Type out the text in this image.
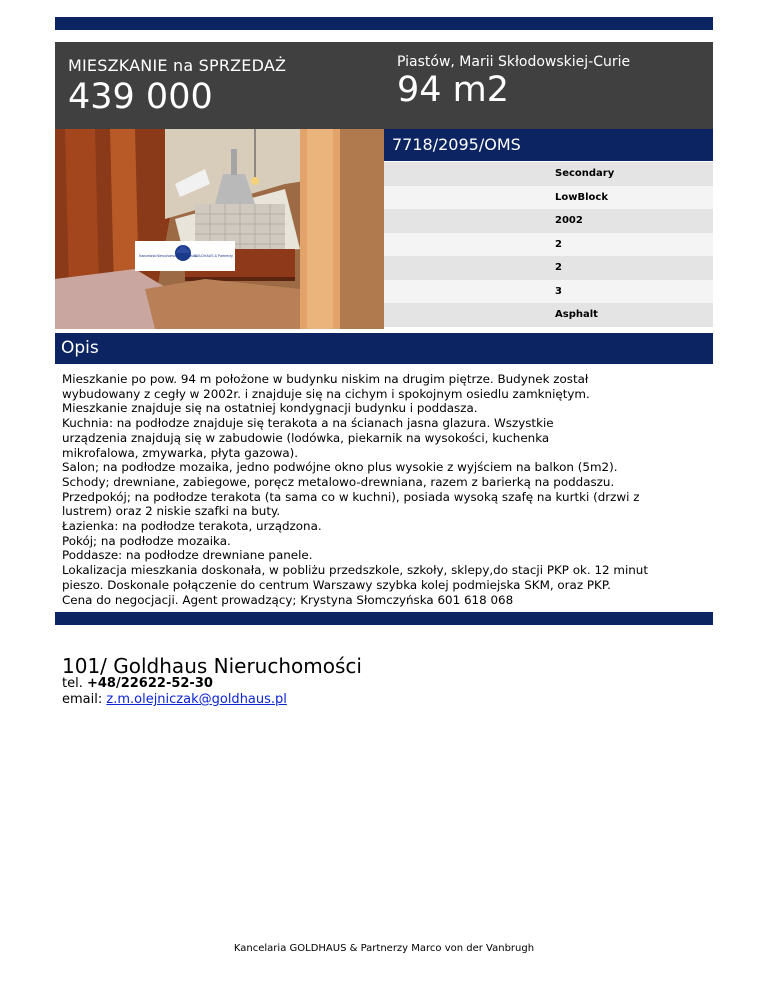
MIESZKANIE na SPRZEDAŻ
439 000
Piastów, Marii Skłodowskiej-Curie
94 m2
Kancelaria Nieruchomości i Finansów
GOLDHAUS & Partnerzy
7718/2095/OMS
Secondary
LowBlock
2002
2
2
3
Asphalt
Opis
Mieszkanie po pow. 94 m położone w budynku niskim na drugim piętrze. Budynek został
wybudowany z cegły w 2002r. i znajduje się na cichym i spokojnym osiedlu zamkniętym.
Mieszkanie znajduje się na ostatniej kondygnacji budynku i poddasza.
Kuchnia: na podłodze znajduje się terakota a na ścianach jasna glazura. Wszystkie
urządzenia znajdują się w zabudowie (lodówka, piekarnik na wysokości, kuchenka
mikrofalowa, zmywarka, płyta gazowa).
Salon; na podłodze mozaika, jedno podwójne okno plus wysokie z wyjściem na balkon (5m2).
Schody; drewniane, zabiegowe, poręcz metalowo-drewniana, razem z barierką na poddaszu.
Przedpokój; na podłodze terakota (ta sama co w kuchni), posiada wysoką szafę na kurtki (drzwi z
lustrem) oraz 2 niskie szafki na buty.
Łazienka: na podłodze terakota, urządzona.
Pokój; na podłodze mozaika.
Poddasze: na podłodze drewniane panele.
Lokalizacja mieszkania doskonała, w pobliżu przedszkole, szkoły, sklepy,do stacji PKP ok. 12 minut
pieszo. Doskonale połączenie do centrum Warszawy szybka kolej podmiejska SKM, oraz PKP.
Cena do negocjacji. Agent prowadzący; Krystyna Słomczyńska 601 618 068
101/ Goldhaus Nieruchomości
tel. +48/22622-52-30
email: z.m.olejniczak@goldhaus.pl
Kancelaria GOLDHAUS & Partnerzy Marco von der Vanbrugh
